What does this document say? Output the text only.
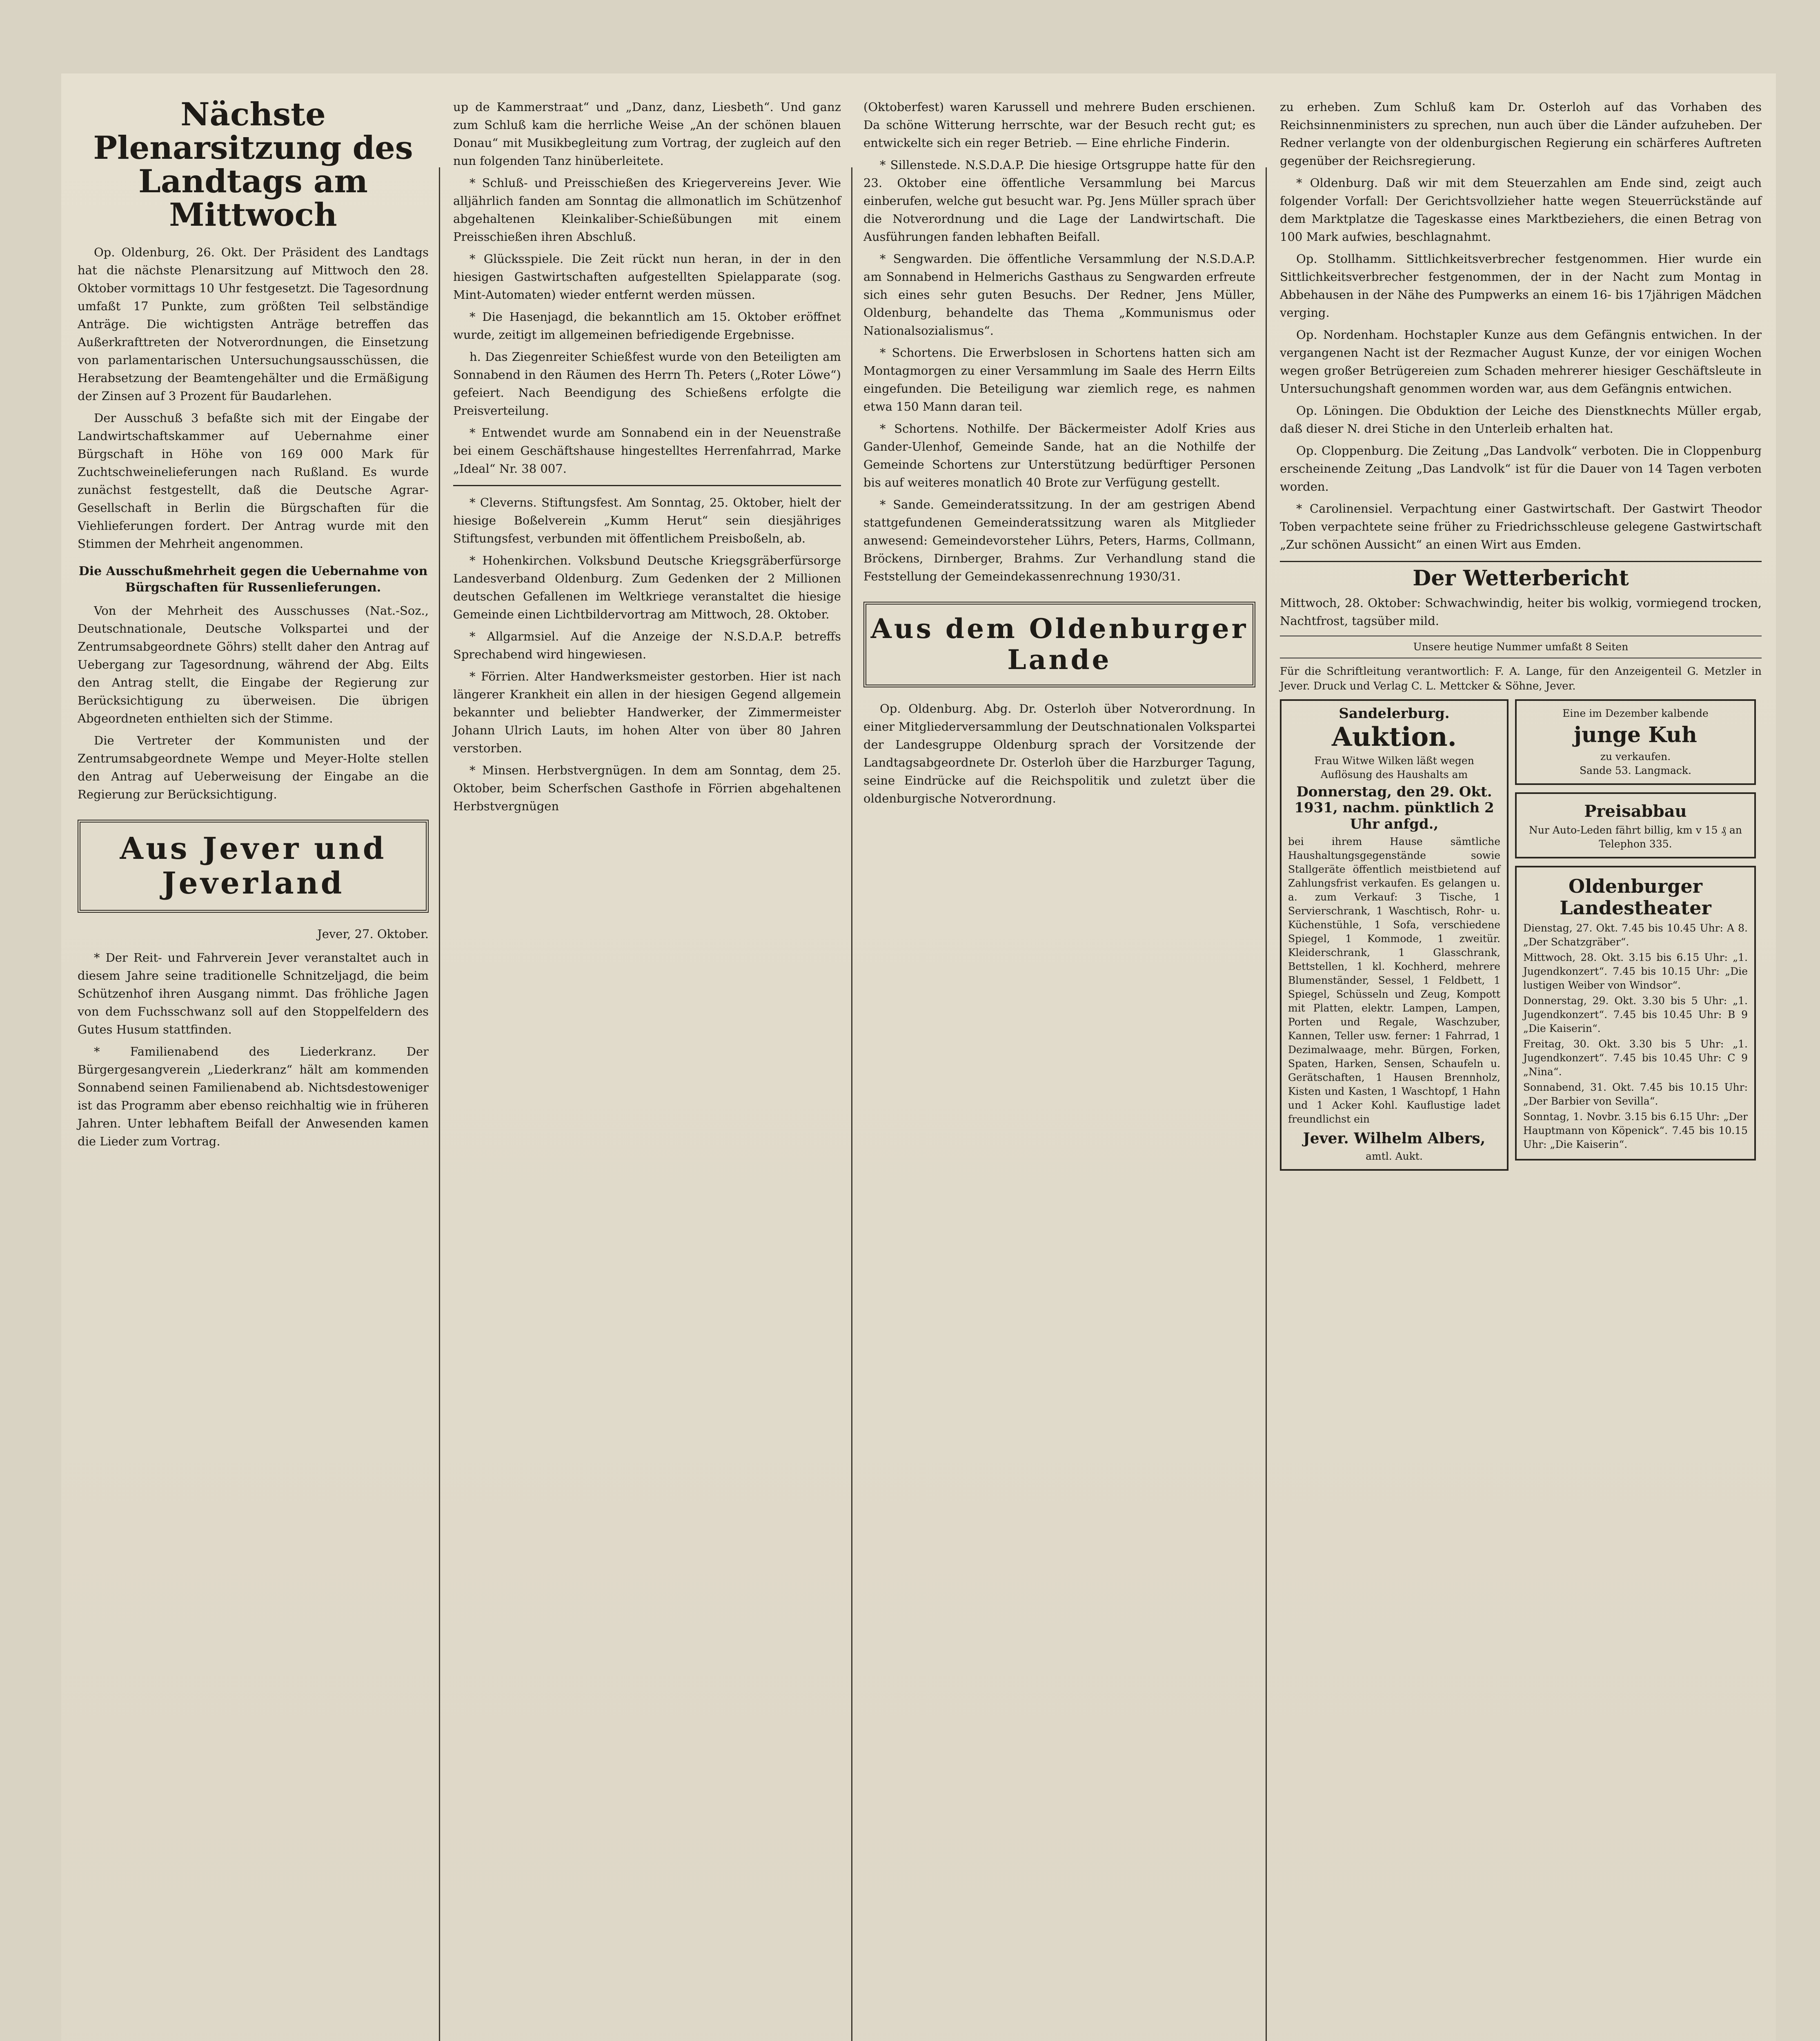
Nächste Plenarsitzung des Landtags am Mittwoch

Op. Oldenburg, 26. Okt. Der Präsident des Landtags hat die nächste Plenarsitzung auf Mittwoch den 28. Oktober vormittags 10 Uhr festgesetzt. Die Tagesordnung umfaßt 17 Punkte, zum größten Teil selbständige Anträge. Die wichtigsten Anträge betreffen das Außerkrafttreten der Notverordnungen, die Einsetzung von parlamentarischen Untersuchungsausschüssen, die Herabsetzung der Beamtengehälter und die Ermäßigung der Zinsen auf 3 Prozent für Baudarlehen.

Der Ausschuß 3 befaßte sich mit der Eingabe der Landwirtschaftskammer auf Uebernahme einer Bürgschaft in Höhe von 169 000 Mark für Zuchtschweinelieferungen nach Rußland. Es wurde zunächst festgestellt, daß die Deutsche Agrar-Gesellschaft in Berlin die Bürgschaften für die Viehlieferungen fordert. Der Antrag wurde mit den Stimmen der Mehrheit angenommen.

Die Ausschußmehrheit gegen die Uebernahme von Bürgschaften für Russenlieferungen.

Von der Mehrheit des Ausschusses (Nat.-Soz., Deutschnationale, Deutsche Volkspartei und der Zentrumsabgeordnete Göhrs) stellt daher den Antrag auf Uebergang zur Tagesordnung, während der Abg. Eilts den Antrag stellt, die Eingabe der Regierung zur Berücksichtigung zu überweisen. Die übrigen Abgeordneten enthielten sich der Stimme.

Die Vertreter der Kommunisten und der Zentrumsabgeordnete Wempe und Meyer-Holte stellen den Antrag auf Ueberweisung der Eingabe an die Regierung zur Berücksichtigung.

Aus Jever und Jeverland
Jever, 27. Oktober.

* Der Reit- und Fahrverein Jever veranstaltet auch in diesem Jahre seine traditionelle Schnitzeljagd, die beim Schützenhof ihren Ausgang nimmt. Das fröhliche Jagen von dem Fuchsschwanz soll auf den Stoppelfeldern des Gutes Husum stattfinden.

* Familienabend des Liederkranz. Der Bürgergesangverein „Liederkranz“ hält am kommenden Sonnabend seinen Familienabend ab. Nichtsdestoweniger ist das Programm aber ebenso reichhaltig wie in früheren Jahren. Unter lebhaftem Beifall der Anwesenden kamen die Lieder zum Vortrag.

up de Kammerstraat“ und „Danz, danz, Liesbeth“. Und ganz zum Schluß kam die herrliche Weise „An der schönen blauen Donau“ mit Musikbegleitung zum Vortrag, der zugleich auf den nun folgenden Tanz hinüberleitete.

* Schluß- und Preisschießen des Kriegervereins Jever. Wie alljährlich fanden am Sonntag die allmonatlich im Schützenhof abgehaltenen Kleinkaliber-Schießübungen mit einem Preisschießen ihren Abschluß.

* Glücksspiele. Die Zeit rückt nun heran, in der in den hiesigen Gastwirtschaften aufgestellten Spielapparate (sog. Mint-Automaten) wieder entfernt werden müssen.

* Die Hasenjagd, die bekanntlich am 15. Oktober eröffnet wurde, zeitigt im allgemeinen befriedigende Ergebnisse.

h. Das Ziegenreiter Schießfest wurde von den Beteiligten am Sonnabend in den Räumen des Herrn Th. Peters („Roter Löwe“) gefeiert. Nach Beendigung des Schießens erfolgte die Preisverteilung.

* Entwendet wurde am Sonnabend ein in der Neuenstraße bei einem Geschäftshause hingestelltes Herrenfahrrad, Marke „Ideal“ Nr. 38 007.

* Cleverns. Stiftungsfest. Am Sonntag, 25. Oktober, hielt der hiesige Boßelverein „Kumm Herut“ sein diesjähriges Stiftungsfest, verbunden mit öffentlichem Preisboßeln, ab.

* Hohenkirchen. Volksbund Deutsche Kriegsgräberfürsorge Landesverband Oldenburg. Zum Gedenken der 2 Millionen deutschen Gefallenen im Weltkriege veranstaltet die hiesige Gemeinde einen Lichtbildervortrag am Mittwoch, 28. Oktober.

* Allgarmsiel. Auf die Anzeige der N.S.D.A.P. betreffs Sprechabend wird hingewiesen.

* Förrien. Alter Handwerksmeister gestorben. Hier ist nach längerer Krankheit ein allen in der hiesigen Gegend allgemein bekannter und beliebter Handwerker, der Zimmermeister Johann Ulrich Lauts, im hohen Alter von über 80 Jahren verstorben.

* Minsen. Herbstvergnügen. In dem am Sonntag, dem 25. Oktober, beim Scherfschen Gasthofe in Förrien abgehaltenen Herbstvergnügen

(Oktoberfest) waren Karussell und mehrere Buden erschienen. Da schöne Witterung herrschte, war der Besuch recht gut; es entwickelte sich ein reger Betrieb. — Eine ehrliche Finderin.

* Sillenstede. N.S.D.A.P. Die hiesige Ortsgruppe hatte für den 23. Oktober eine öffentliche Versammlung bei Marcus einberufen, welche gut besucht war. Pg. Jens Müller sprach über die Notverordnung und die Lage der Landwirtschaft. Die Ausführungen fanden lebhaften Beifall.

* Sengwarden. Die öffentliche Versammlung der N.S.D.A.P. am Sonnabend in Helmerichs Gasthaus zu Sengwarden erfreute sich eines sehr guten Besuchs. Der Redner, Jens Müller, Oldenburg, behandelte das Thema „Kommunismus oder Nationalsozialismus“.

* Schortens. Die Erwerbslosen in Schortens hatten sich am Montagmorgen zu einer Versammlung im Saale des Herrn Eilts eingefunden. Die Beteiligung war ziemlich rege, es nahmen etwa 150 Mann daran teil.

* Schortens. Nothilfe. Der Bäckermeister Adolf Kries aus Gander-Ulenhof, Gemeinde Sande, hat an die Nothilfe der Gemeinde Schortens zur Unterstützung bedürftiger Personen bis auf weiteres monatlich 40 Brote zur Verfügung gestellt.

* Sande. Gemeinderatssitzung. In der am gestrigen Abend stattgefundenen Gemeinderatssitzung waren als Mitglieder anwesend: Gemeindevorsteher Lührs, Peters, Harms, Collmann, Bröckens, Dirnberger, Brahms. Zur Verhandlung stand die Feststellung der Gemeindekassenrechnung 1930/31.

Aus dem Oldenburger Lande

Op. Oldenburg. Abg. Dr. Osterloh über Notverordnung. In einer Mitgliederversammlung der Deutschnationalen Volkspartei der Landesgruppe Oldenburg sprach der Vorsitzende der Landtagsabgeordnete Dr. Osterloh über die Harzburger Tagung, seine Eindrücke auf die Reichspolitik und zuletzt über die oldenburgische Notverordnung.

zu erheben. Zum Schluß kam Dr. Osterloh auf das Vorhaben des Reichsinnenministers zu sprechen, nun auch über die Länder aufzuheben. Der Redner verlangte von der oldenburgischen Regierung ein schärferes Auftreten gegenüber der Reichsregierung.

* Oldenburg. Daß wir mit dem Steuerzahlen am Ende sind, zeigt auch folgender Vorfall: Der Gerichtsvollzieher hatte wegen Steuerrückstände auf dem Marktplatze die Tageskasse eines Marktbeziehers, die einen Betrag von 100 Mark aufwies, beschlagnahmt.

Op. Stollhamm. Sittlichkeitsverbrecher festgenommen. Hier wurde ein Sittlichkeitsverbrecher festgenommen, der in der Nacht zum Montag in Abbehausen in der Nähe des Pumpwerks an einem 16- bis 17jährigen Mädchen verging.

Op. Nordenham. Hochstapler Kunze aus dem Gefängnis entwichen. In der vergangenen Nacht ist der Rezmacher August Kunze, der vor einigen Wochen wegen großer Betrügereien zum Schaden mehrerer hiesiger Geschäftsleute in Untersuchungshaft genommen worden war, aus dem Gefängnis entwichen.

Op. Löningen. Die Obduktion der Leiche des Dienstknechts Müller ergab, daß dieser N. drei Stiche in den Unterleib erhalten hat.

Op. Cloppenburg. Die Zeitung „Das Landvolk“ verboten. Die in Cloppenburg erscheinende Zeitung „Das Landvolk“ ist für die Dauer von 14 Tagen verboten worden.

* Carolinensiel. Verpachtung einer Gastwirtschaft. Der Gastwirt Theodor Toben verpachtete seine früher zu Friedrichsschleuse gelegene Gastwirtschaft „Zur schönen Aussicht“ an einen Wirt aus Emden.

Der Wetterbericht

Mittwoch, 28. Oktober: Schwachwindig, heiter bis wolkig, vormiegend trocken, Nachtfrost, tagsüber mild.

Unsere heutige Nummer umfaßt 8 Seiten
Für die Schriftleitung verantwortlich: F. A. Lange, für den Anzeigenteil G. Metzler in Jever. Druck und Verlag C. L. Mettcker & Söhne, Jever.
Sandelerburg.
Auktion.
Frau Witwe Wilken läßt wegen Auflösung des Haushalts am
Donnerstag, den 29. Okt. 1931, nachm. pünktlich 2 Uhr anfgd.,
bei ihrem Hause sämtliche Haushaltungsgegenstände sowie Stallgeräte öffentlich meistbietend auf Zahlungsfrist verkaufen. Es gelangen u. a. zum Verkauf: 3 Tische, 1 Servierschrank, 1 Waschtisch, Rohr- u. Küchenstühle, 1 Sofa, verschiedene Spiegel, 1 Kommode, 1 zweitür. Kleiderschrank, 1 Glasschrank, Bettstellen, 1 kl. Kochherd, mehrere Blumenständer, Sessel, 1 Feldbett, 1 Spiegel, Schüsseln und Zeug, Kompott mit Platten, elektr. Lampen, Lampen, Porten und Regale, Waschzuber, Kannen, Teller usw. ferner: 1 Fahrrad, 1 Dezimalwaage, mehr. Bürgen, Forken, Spaten, Harken, Sensen, Schaufeln u. Gerätschaften, 1 Hausen Brennholz, Kisten und Kasten, 1 Waschtopf, 1 Hahn und 1 Acker Kohl. Kauflustige ladet freundlichst ein
Jever. Wilhelm Albers,
amtl. Aukt.
Eine im Dezember kalbende
junge Kuh
zu verkaufen.
Sande 53. Langmack.
Preisabbau
Nur Auto-Leden fährt billig, km v 15 ₰ an Telephon 335.
Oldenburger Landestheater
Dienstag, 27. Okt. 7.45 bis 10.45 Uhr: A 8. „Der Schatzgräber“.
Mittwoch, 28. Okt. 3.15 bis 6.15 Uhr: „1. Jugendkonzert“. 7.45 bis 10.15 Uhr: „Die lustigen Weiber von Windsor“.
Donnerstag, 29. Okt. 3.30 bis 5 Uhr: „1. Jugendkonzert“. 7.45 bis 10.45 Uhr: B 9 „Die Kaiserin“.
Freitag, 30. Okt. 3.30 bis 5 Uhr: „1. Jugendkonzert“. 7.45 bis 10.45 Uhr: C 9 „Nina“.
Sonnabend, 31. Okt. 7.45 bis 10.15 Uhr: „Der Barbier von Sevilla“.
Sonntag, 1. Novbr. 3.15 bis 6.15 Uhr: „Der Hauptmann von Köpenick“. 7.45 bis 10.15 Uhr: „Die Kaiserin“.
